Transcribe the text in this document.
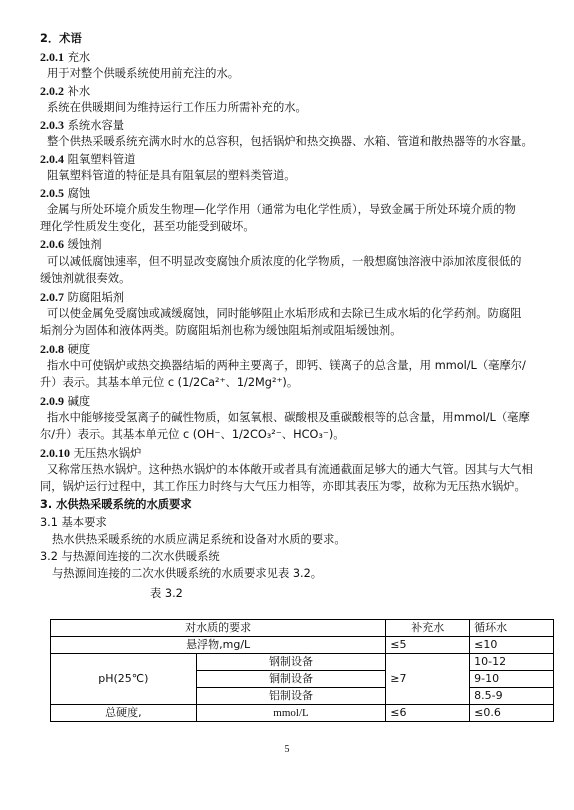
2．术语
2.0.1 充水
用于对整个供暖系统使用前充注的水。
2.0.2 补水
系统在供暖期间为维持运行工作压力所需补充的水。
2.0.3 系统水容量
整个供热采暖系统充满水时水的总容积，包括锅炉和热交换器、水箱、管道和散热器等的水容量。
2.0.4 阻氧塑料管道
阻氧塑料管道的特征是具有阻氧层的塑料类管道。
2.0.5 腐蚀
金属与所处环境介质发生物理—化学作用（通常为电化学性质），导致金属于所处环境介质的物
理化学性质发生变化，甚至功能受到破坏。
2.0.6 缓蚀剂
可以减低腐蚀速率，但不明显改变腐蚀介质浓度的化学物质，一般想腐蚀溶液中添加浓度很低的
缓蚀剂就很奏效。
2.0.7 防腐阻垢剂
可以使金属免受腐蚀或减缓腐蚀，同时能够阻止水垢形成和去除已生成水垢的化学药剂。防腐阻
垢剂分为固体和液体两类。防腐阻垢剂也称为缓蚀阻垢剂或阻垢缓蚀剂。
2.0.8 硬度
指水中可使锅炉或热交换器结垢的两种主要离子，即钙、镁离子的总含量，用 mmol/L（毫摩尔/
升）表示。其基本单元位 c (1/2Ca²⁺、1/2Mg²⁺)。
2.0.9 碱度
指水中能够接受氢离子的碱性物质，如氢氧根、碳酸根及重碳酸根等的总含量，用mmol/L（毫摩
尔/升）表示。其基本单元位 c (OH⁻、1/2CO₃²⁻、HCO₃⁻)。
2.0.10 无压热水锅炉
又称常压热水锅炉。这种热水锅炉的本体敞开或者具有流通截面足够大的通大气管。因其与大气相
同，锅炉运行过程中，其工作压力时终与大气压力相等，亦即其表压为零，故称为无压热水锅炉。
3. 水供热采暖系统的水质要求
3.1 基本要求
热水供热采暖系统的水质应满足系统和设备对水质的要求。
3.2 与热源间连接的二次水供暖系统
与热源间连接的二次水供暖系统的水质要求见表 3.2。
表 3.2
对水质的要求		补充水	循环水
悬浮物,mg/L		≤5	≤10
pH(25℃)	钢制设备	≥7	10-12
	铜制设备		9-10
	铝制设备		8.5-9
总硬度,	mmol/L	≤6	≤0.6
5
